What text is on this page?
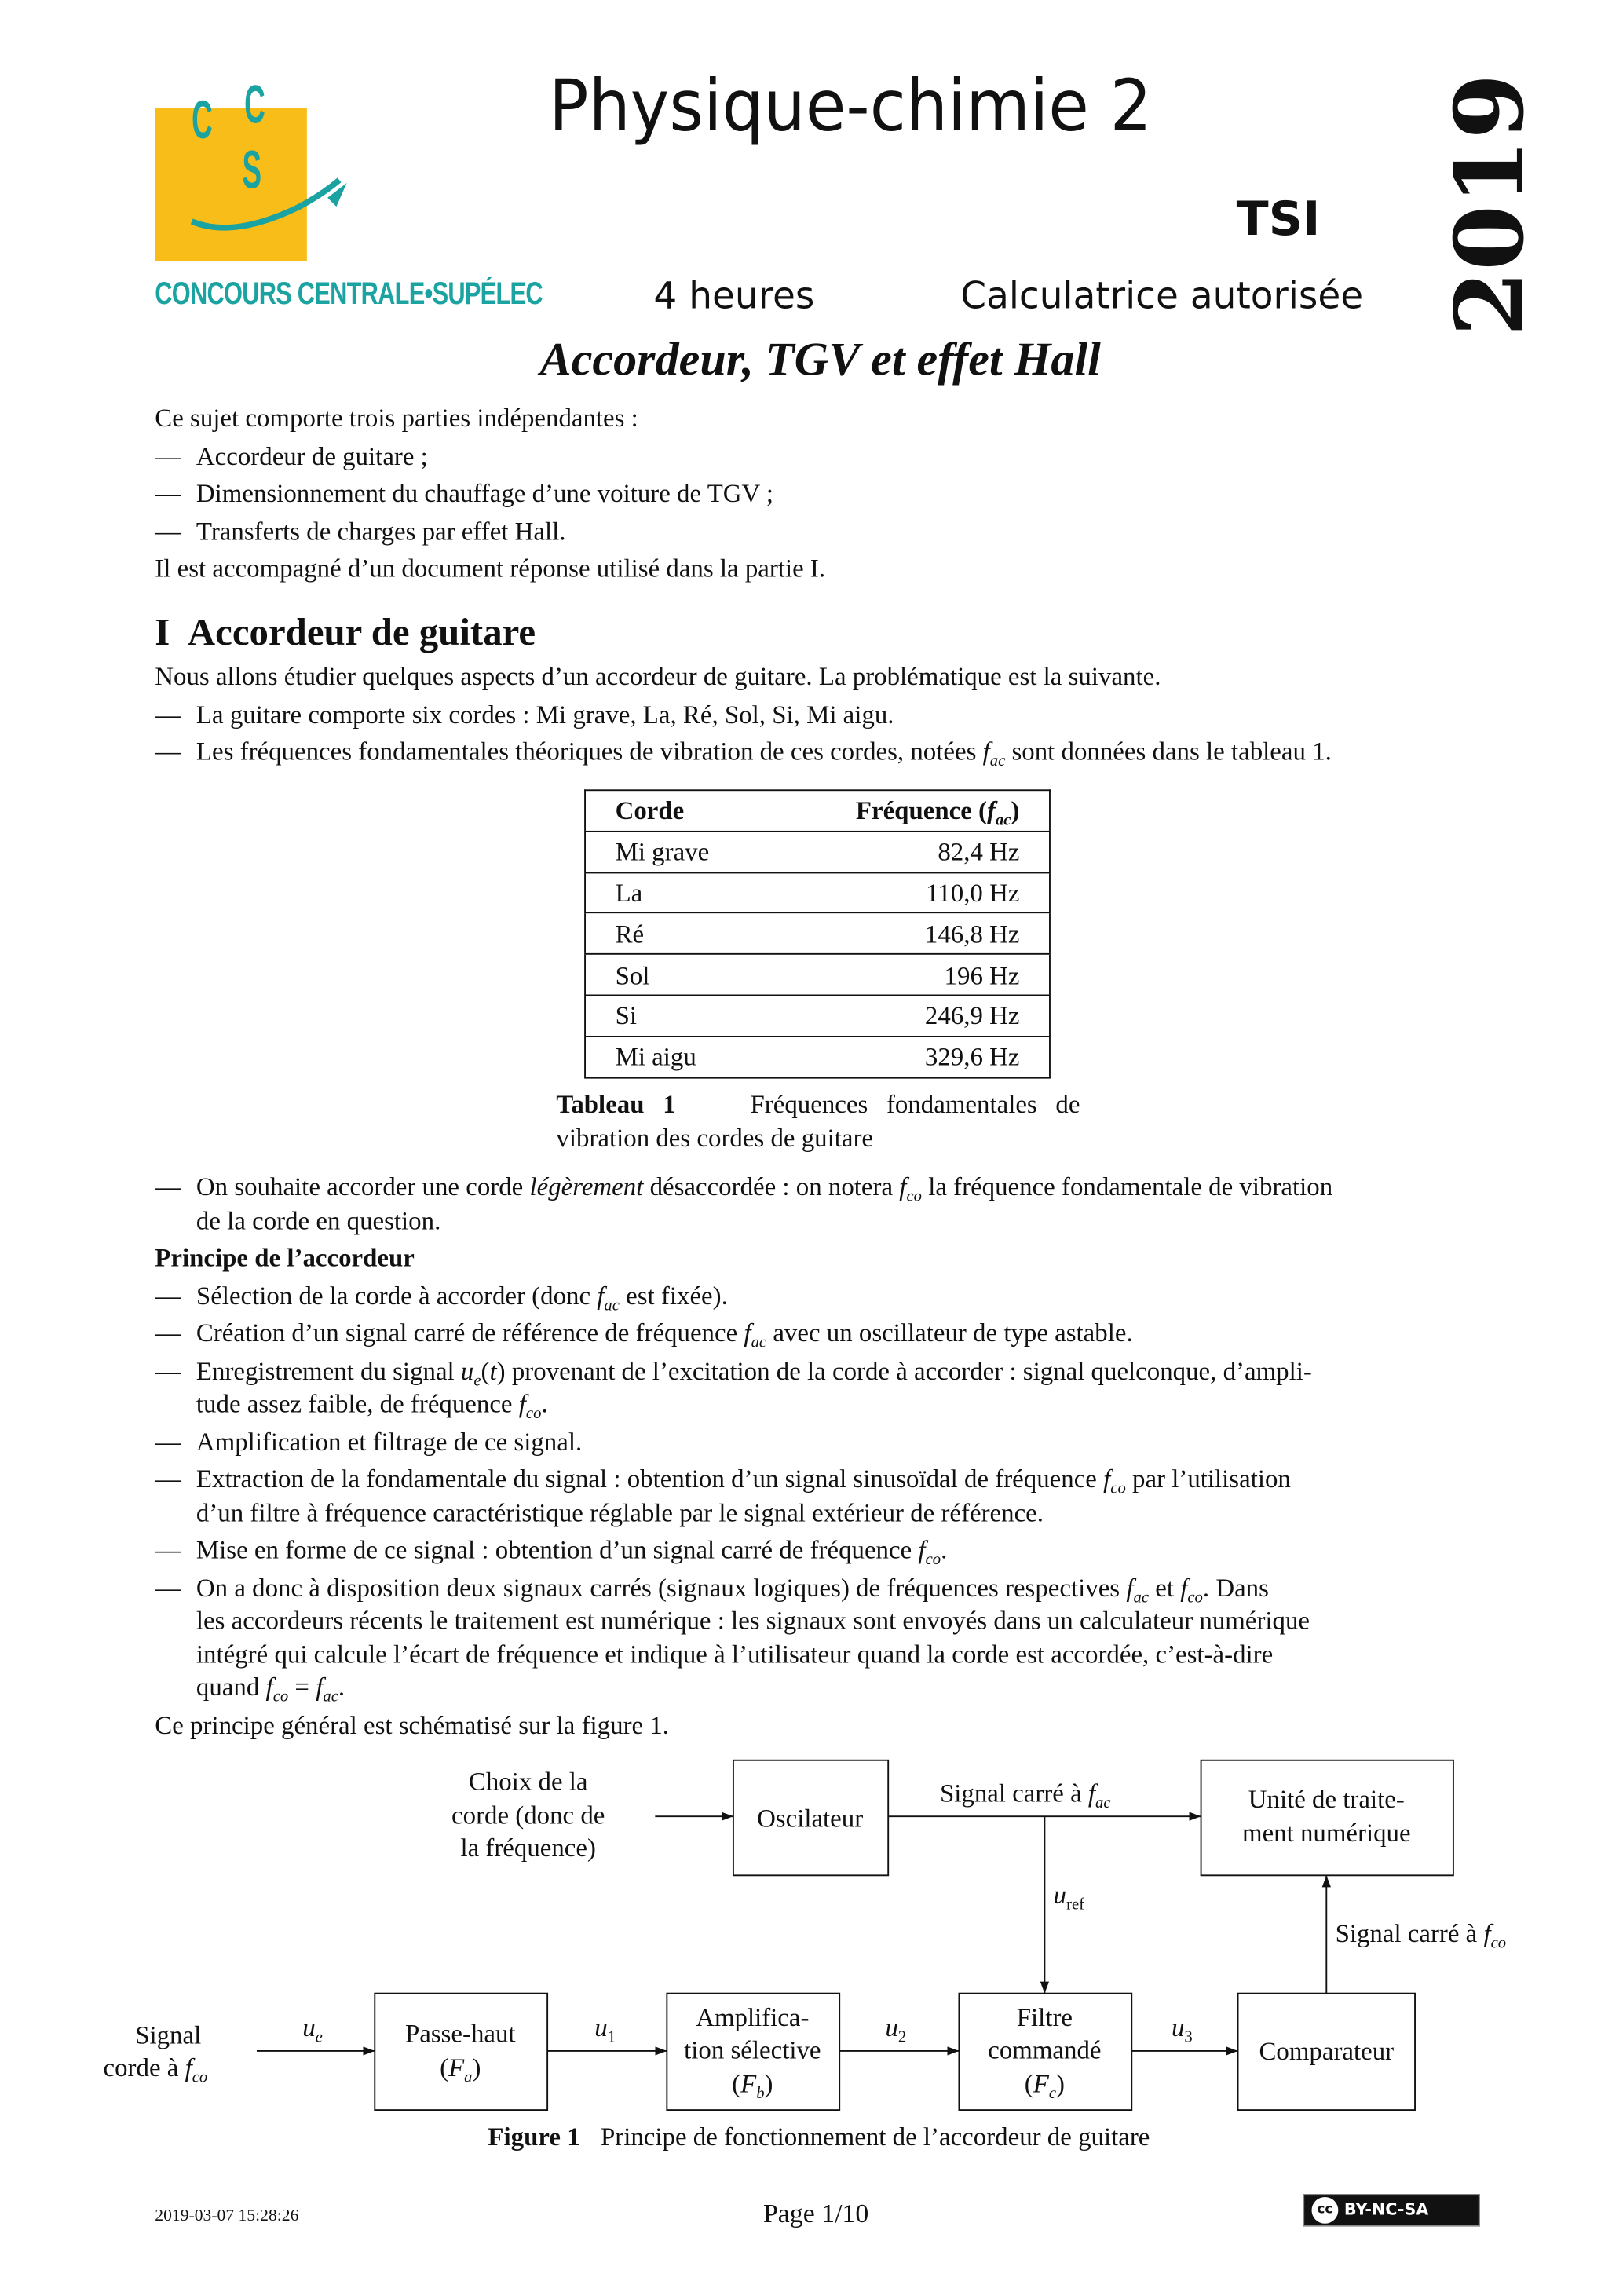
C C
S
CONCOURS CENTRALE•SUPÉLEC
Physique-chimie 2
TSI 2019
4 heures	Calculatrice autorisée
Accordeur, TGV et effet Hall
Ce sujet comporte trois parties indépendantes :
— Accordeur de guitare ;
— Dimensionnement du chauffage d’une voiture de TGV ;
— Transferts de charges par effet Hall.
Il est accompagné d’un document réponse utilisé dans la partie I.
I Accordeur de guitare
Nous allons étudier quelques aspects d’un accordeur de guitare. La problématique est la suivante.
— La guitare comporte six cordes : Mi grave, La, Ré, Sol, Si, Mi aigu.
— Les fréquences fondamentales théoriques de vibration de ces cordes, notées $f_{ac}$ sont données dans le tableau 1.
Corde	Fréquence $(f_{ac})$
Mi grave	82,4 Hz
La	110,0 Hz
Ré	146,8 Hz
Sol	196 Hz
Si	246,9 Hz
Mi aigu	329,6 Hz
Tableau 1	Fréquences fondamentales de vibration des cordes de guitare
— On souhaite accorder une corde légèrement désaccordée : on notera $f_{co}$ la fréquence fondamentale de vibration
de la corde en question.
Principe de l’accordeur
— Sélection de la corde à accorder (donc $f_{ac}$ est fixée).
— Création d’un signal carré de référence de fréquence $f_{ac}$ avec un oscillateur de type astable.
— Enregistrement du signal $u_e(t)$ provenant de l’excitation de la corde à accorder : signal quelconque, d’ampli-
tude assez faible, de fréquence $f_{co}$.
— Amplification et filtrage de ce signal.
— Extraction de la fondamentale du signal : obtention d’un signal sinusoïdal de fréquence $f_{co}$ par l’utilisation
d’un filtre à fréquence caractéristique réglable par le signal extérieur de référence.
— Mise en forme de ce signal : obtention d’un signal carré de fréquence $f_{co}$.
— On a donc à disposition deux signaux carrés (signaux logiques) de fréquences respectives $f_{ac}$ et $f_{co}$. Dans
les accordeurs récents le traitement est numérique : les signaux sont envoyés dans un calculateur numérique
intégré qui calcule l’écart de fréquence et indique à l’utilisateur quand la corde est accordée, c’est-à-dire
quand $f_{co} = f_{ac}$.
Ce principe général est schématisé sur la figure 1.
Choix de la
corde (donc de
la fréquence)
Oscilateur
Unité de traite-
ment numérique
Passe-haut
$(F_a)$
Amplifica-
tion sélective
$(F_b)$
Filtre
commandé
$(F_c)$
Comparateur
Signal
corde à $f_{co}$
Signal carré à $f_{ac}$
Signal carré à $f_{co}$
$u_{ref}$
$u_e$	$u_1$	$u_2$	$u_3$
Figure 1 Principe de fonctionnement de l’accordeur de guitare
2019-03-07 15:28:26	Page 1/10	cc BY-NC-SA
